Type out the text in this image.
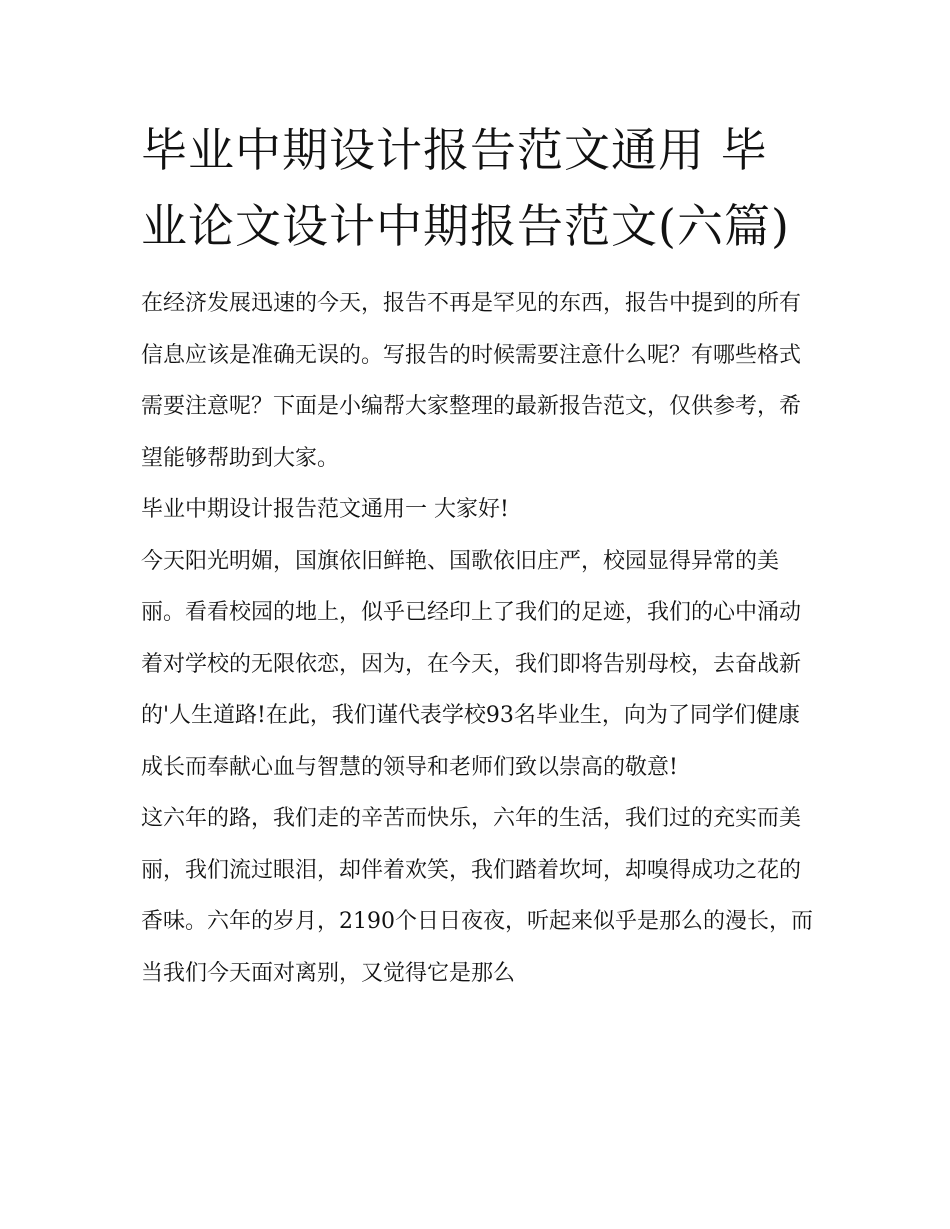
毕业中期设计报告范文通用 毕业论文设计中期报告范文(六篇)

在经济发展迅速的今天，报告不再是罕见的东西，报告中提到的所有信息应该是准确无误的。写报告的时候需要注意什么呢？有哪些格式需要注意呢？下面是小编帮大家整理的最新报告范文，仅供参考，希望能够帮助到大家。

毕业中期设计报告范文通用一 大家好!

今天阳光明媚，国旗依旧鲜艳、国歌依旧庄严，校园显得异常的美丽。看看校园的地上，似乎已经印上了我们的足迹，我们的心中涌动着对学校的无限依恋，因为，在今天，我们即将告别母校，去奋战新的'人生道路!在此，我们谨代表学校93名毕业生，向为了同学们健康成长而奉献心血与智慧的领导和老师们致以崇高的敬意!

这六年的路，我们走的辛苦而快乐，六年的生活，我们过的充实而美丽，我们流过眼泪，却伴着欢笑，我们踏着坎坷，却嗅得成功之花的香味。六年的岁月，2190个日日夜夜，听起来似乎是那么的漫长，而当我们今天面对离别，又觉得它是那么
